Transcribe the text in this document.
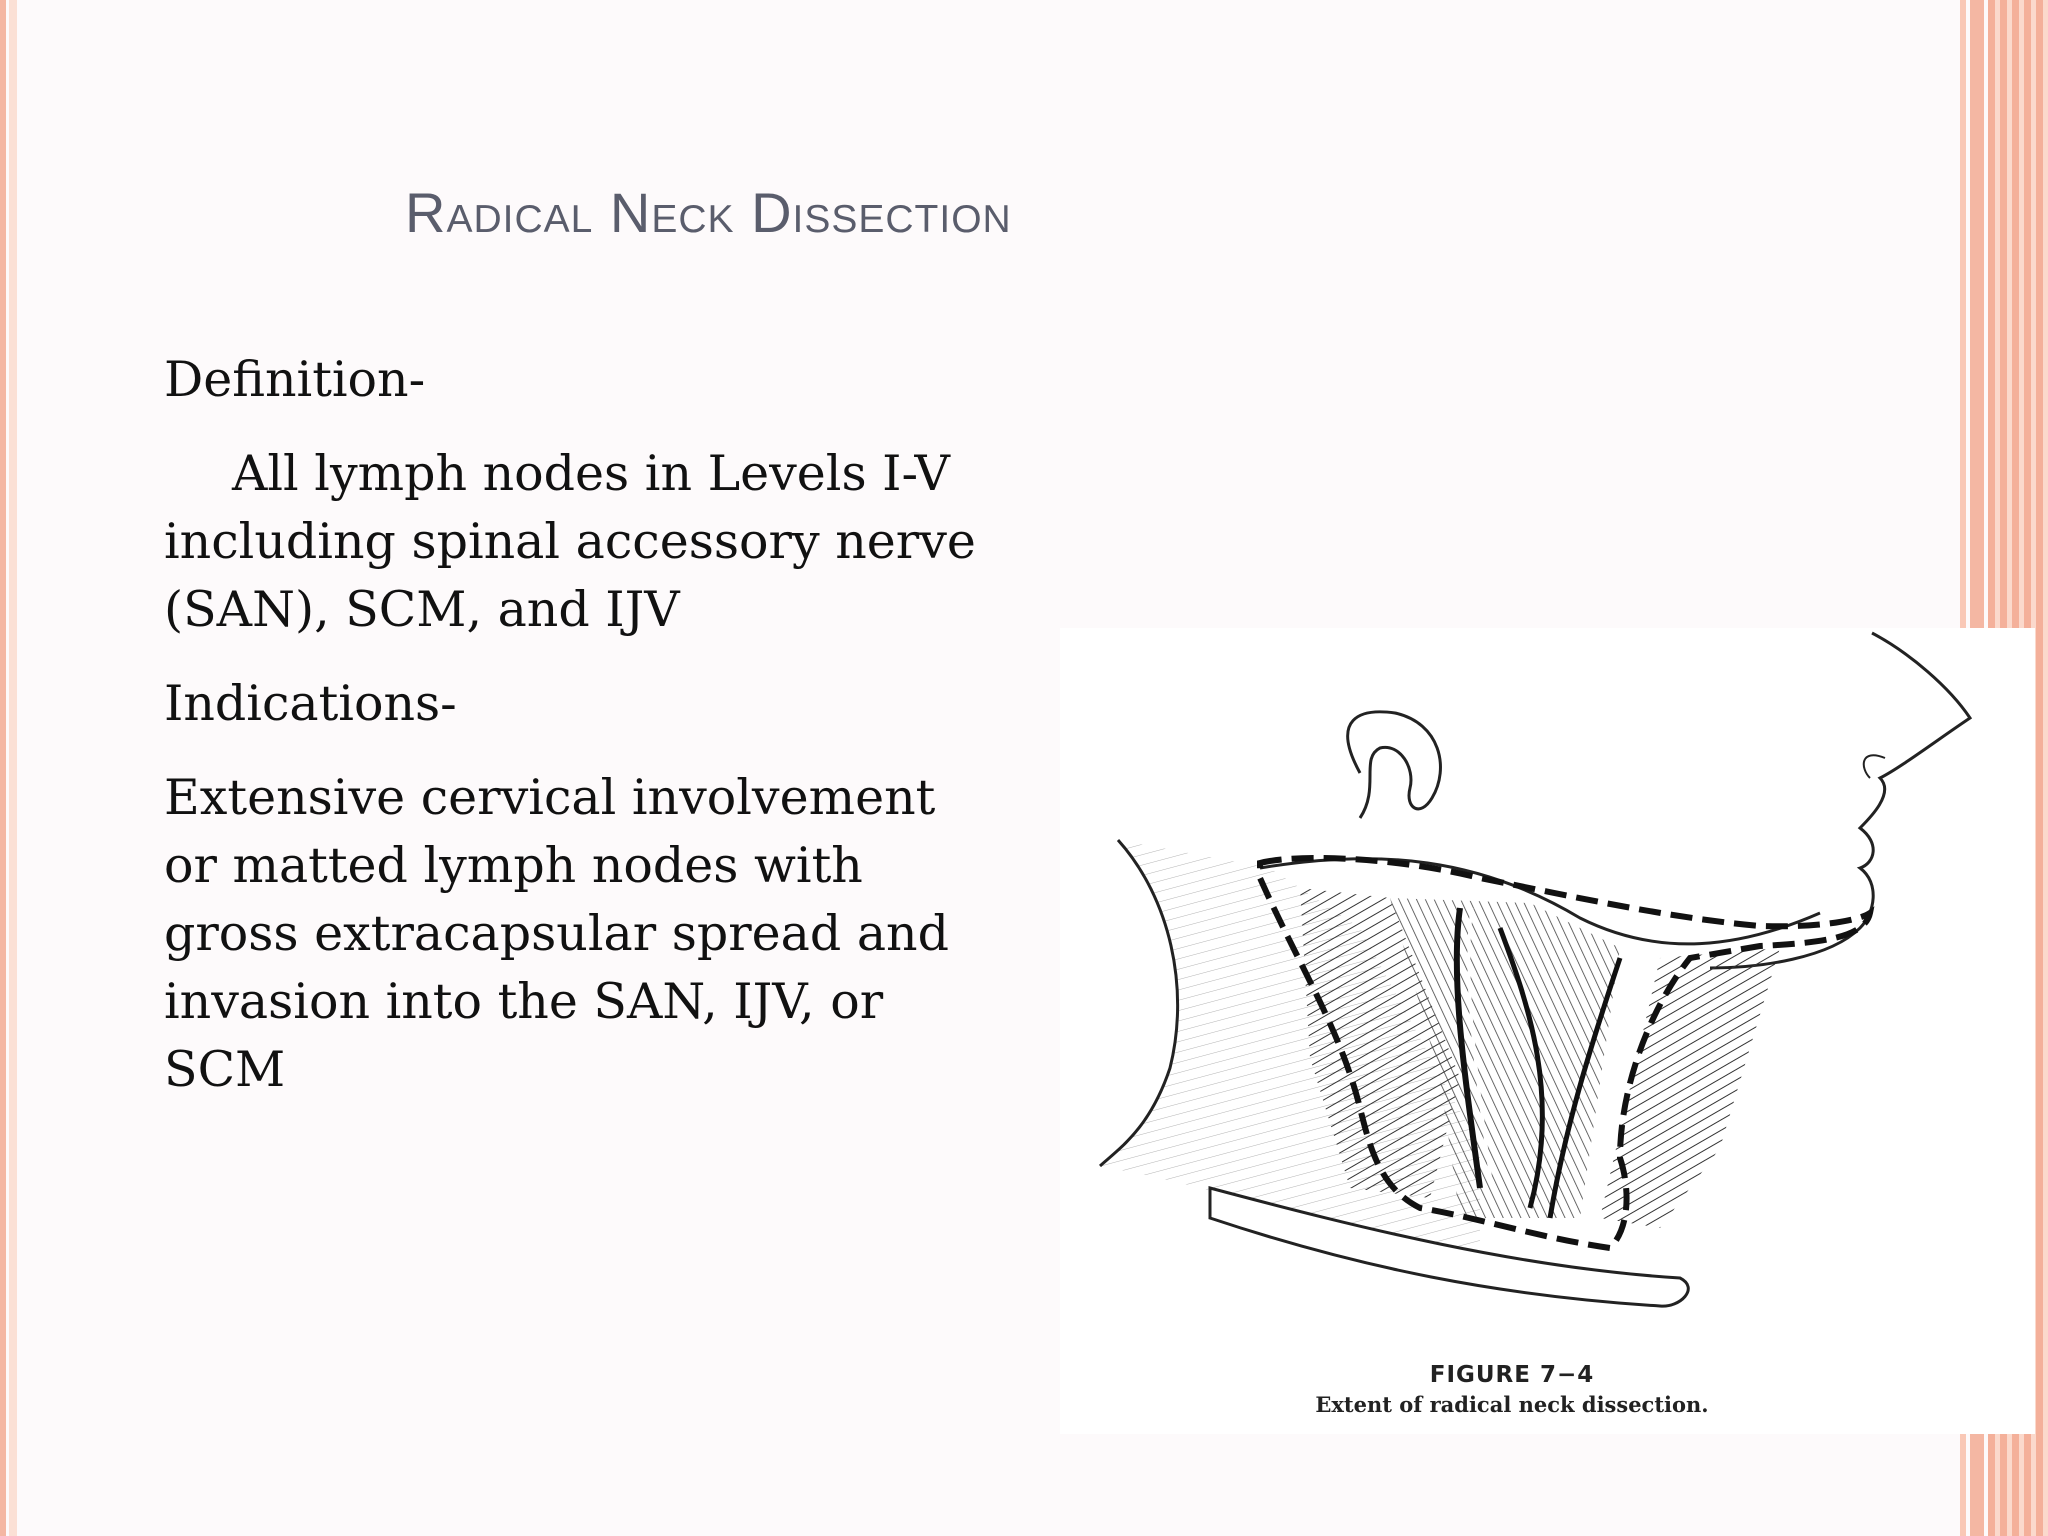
Radical Neck Dissection

Definition-

All lymph nodes in Levels I-V

including spinal accessory nerve

(SAN), SCM, and IJV

Indications-

Extensive cervical involvement

or matted lymph nodes with

gross extracapsular spread and

invasion into the SAN, IJV, or

SCM

FIGURE 7−4
Extent of radical neck dissection.
